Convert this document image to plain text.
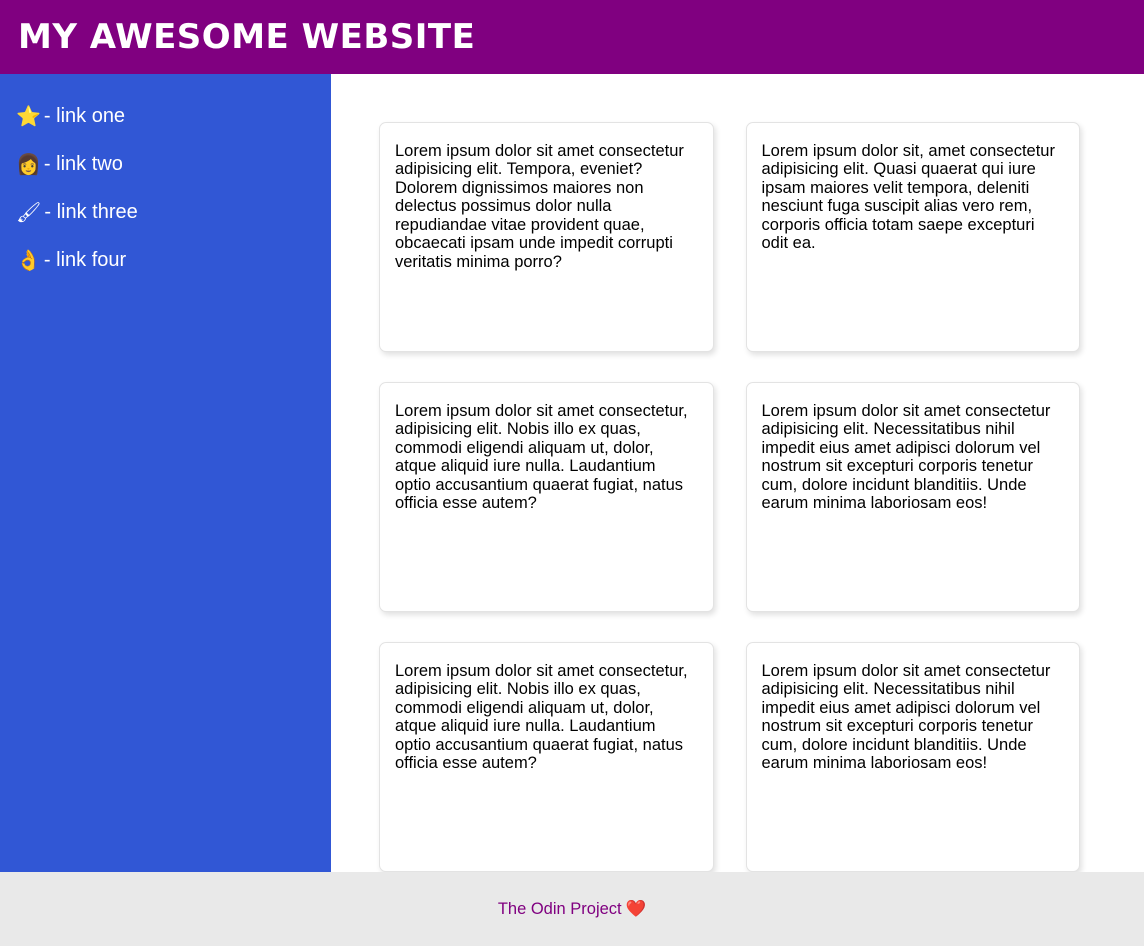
MY AWESOME WEBSITE
⭐ - link one
👩 - link two
🖌 - link three
👌 - link four

Lorem ipsum dolor sit amet consectetur adipisicing elit. Tempora, eveniet? Dolorem dignissimos maiores non delectus possimus dolor nulla repudiandae vitae provident quae, obcaecati ipsam unde impedit corrupti veritatis minima porro?

Lorem ipsum dolor sit, amet consectetur adipisicing elit. Quasi quaerat qui iure ipsam maiores velit tempora, deleniti nesciunt fuga suscipit alias vero rem, corporis officia totam saepe excepturi odit ea.

Lorem ipsum dolor sit amet consectetur, adipisicing elit. Nobis illo ex quas, commodi eligendi aliquam ut, dolor, atque aliquid iure nulla. Laudantium optio accusantium quaerat fugiat, natus officia esse autem?

Lorem ipsum dolor sit amet consectetur adipisicing elit. Necessitatibus nihil impedit eius amet adipisci dolorum vel nostrum sit excepturi corporis tenetur cum, dolore incidunt blanditiis. Unde earum minima laboriosam eos!

Lorem ipsum dolor sit amet consectetur, adipisicing elit. Nobis illo ex quas, commodi eligendi aliquam ut, dolor, atque aliquid iure nulla. Laudantium optio accusantium quaerat fugiat, natus officia esse autem?

Lorem ipsum dolor sit amet consectetur adipisicing elit. Necessitatibus nihil impedit eius amet adipisci dolorum vel nostrum sit excepturi corporis tenetur cum, dolore incidunt blanditiis. Unde earum minima laboriosam eos!

The Odin Project ❤️
